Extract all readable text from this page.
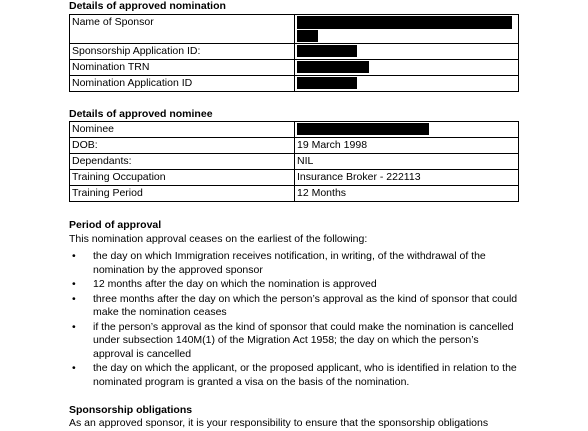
Details of approved nomination
Name of Sponsor	

Sponsorship Application ID:	
Nomination TRN	
Nomination Application ID	
Details of approved nominee
Nominee	
DOB:	19 March 1998
Dependants:	NIL
Training Occupation	Insurance Broker - 222113
Training Period	12 Months
Period of approval
This nomination approval ceases on the earliest of the following:
• the day on which Immigration receives notification, in writing, of the withdrawal of the nomination by the approved sponsor
• 12 months after the day on which the nomination is approved
• three months after the day on which the person’s approval as the kind of sponsor that could make the nomination ceases
• if the person’s approval as the kind of sponsor that could make the nomination is cancelled under subsection 140M(1) of the Migration Act 1958; the day on which the person’s approval is cancelled
• the day on which the applicant, or the proposed applicant, who is identified in relation to the nominated program is granted a visa on the basis of the nomination.
Sponsorship obligations
As an approved sponsor, it is your responsibility to ensure that the sponsorship obligations
